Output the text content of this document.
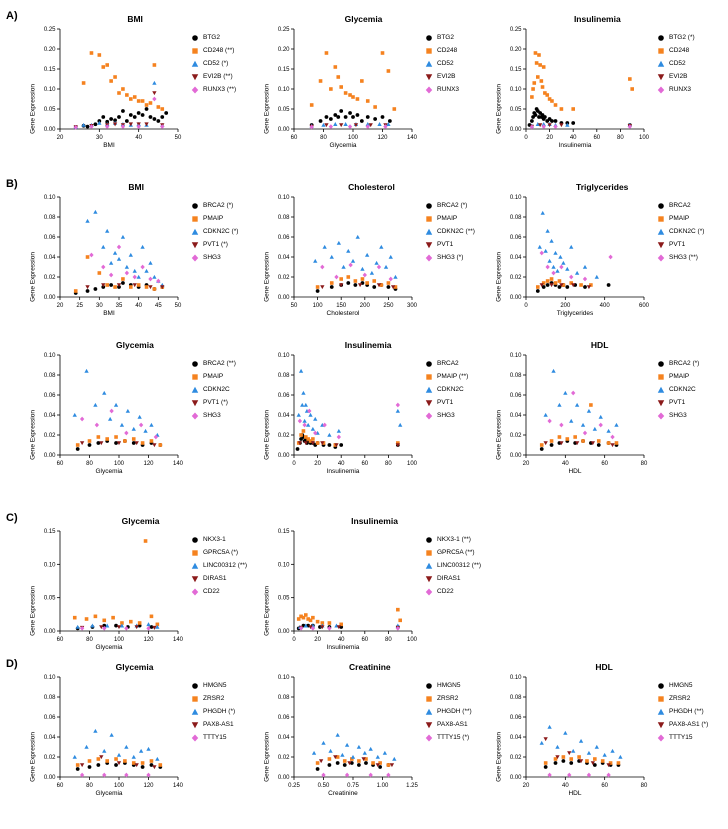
A)
B)
C)
D)
BMI
0.00
0.05
0.10
0.15
0.20
0.25
20	30	40	50
Gene Expression
BTG2
CD248 (**)
CD52 (*)
EVI2B (**)
RUNX3 (**)
BMI
Glycemia
0.00
0.05
0.10
0.15
0.20
0.25
60	80	100	120	140
Gene Expression
BTG2
CD248
CD52
EVI2B
RUNX3
Glycemia
Insulinemia
0.00
0.05
0.10
0.15
0.20
0.25
0	20	40	60	80	100
Gene Expression
BTG2 (*)
CD248
CD52
EVI2B
RUNX3
Insulinemia
BMI
0.00
0.02
0.04
0.06
0.08
0.10
20 25 30 35 40 45 50
Gene Expression
BRCA2 (*)
PMAIP
CDKN2C (*)
PVT1 (*)
SHG3
BMI
Cholesterol
0.00
0.02
0.04
0.06
0.08
0.10
50	100 150 200 250 300
Gene Expression
BRCA2 (*)
PMAIP
CDKN2C (**)
PVT1
SHG3 (*)
Cholesterol
Triglycerides
0.00
0.02
0.04
0.06
0.08
0.10
0	200	400	600
Gene Expression
BRCA2
PMAIP
CDKN2C (*)
PVT1
SHG3 (**)
Triglycerides
Glycemia
0.00
0.02
0.04
0.06
0.08
0.10
60	80	100	120	140
Gene Expression
BRCA2 (**)
PMAIP
CDKN2C
PVT1 (*)
SHG3
Glycemia
Insulinemia
0.00
0.02
0.04
0.06
0.08
0.10
0	20	40	60	80	100
Gene Expression
BRCA2
PMAIP (**)
CDKN2C
PVT1
SHG3
Insulinemia
HDL
0.00
0.02
0.04
0.06
0.08
0.10
20	40	60	80
Gene Expression
BRCA2 (*)
PMAIP
CDKN2C
PVT1
SHG3
HDL
Glycemia
0.00
0.05
0.10
0.15
60	80	100	120	140
Gene Expression
NKX3-1
GPRC5A (*)
LINC00312 (**)
DIRAS1
CD22
Glycemia
Insulinemia
0.00
0.05
0.10
0.15
0	20	40	60	80	100
Gene Expression
NKX3-1 (**)
GPRC5A (**)
LINC00312 (**)
DIRAS1
CD22
Insulinemia
Glycemia
0.00
0.02
0.04
0.06
0.08
0.10
60	80	100	120	140
Gene Expression
HMGN5
ZRSR2
PHGDH (*)
PAX8-AS1
TTTY15
Glycemia
Creatinine
0.00
0.02
0.04
0.06
0.08
0.10
0.25	0.50	0.75	1.00	1.25
Gene Expression
HMGN5
ZRSR2
PHGDH (**)
PAX8-AS1
TTTY15 (*)
Creatinine
HDL
0.00
0.02
0.04
0.06
0.08
0.10
20	40	60	80
Gene Expression
HMGN5
ZRSR2
PHGDH (**)
PAX8-AS1 (*)
TTTY15
HDL
